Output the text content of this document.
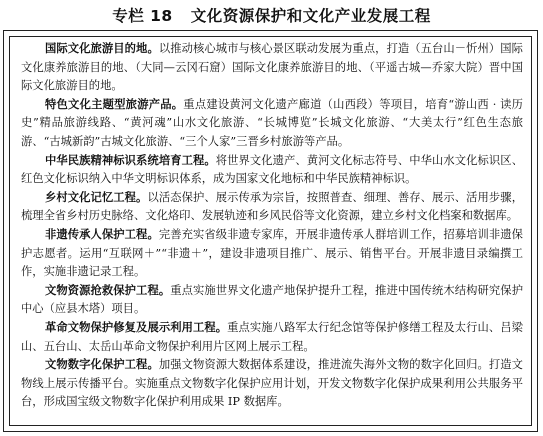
专栏 18 文化资源保护和文化产业发展工程

国际文化旅游目的地。以推动核心城市与核心景区联动发展为重点，打造（五台山－忻州）国际文化康养旅游目的地、（大同—云冈石窟）国际文化康养旅游目的地、（平遥古城—乔家大院）晋中国际文化旅游目的地。

特色文化主题型旅游产品。重点建设黄河文化遗产廊道（山西段）等项目，培育“游山西 · 读历史”精品旅游线路、“黄河魂”山水文化旅游、“长城博览”长城文化旅游、“大美太行”红色生态旅游、“古城新韵”古城文化旅游、“三个人家”三晋乡村旅游等产品。

中华民族精神标识系统培育工程。将世界文化遗产、黄河文化标志符号、中华山水文化标识区、红色文化标识纳入中华文明标识体系，成为国家文化地标和中华民族精神标识。

乡村文化记忆工程。以活态保护、展示传承为宗旨，按照普查、细理、善存、展示、活用步骤，梳理全省乡村历史脉络、文化烙印、发展轨迹和乡风民俗等文化资源，建立乡村文化档案和数据库。

非遗传承人保护工程。完善充实省级非遗专家库，开展非遗传承人群培训工作，招募培训非遗保护志愿者。运用“互联网＋”“非遗＋”，建设非遗项目推广、展示、销售平台。开展非遗目录编撰工作，实施非遗记录工程。

文物资源抢救保护工程。重点实施世界文化遗产地保护提升工程，推进中国传统木结构研究保护中心（应县木塔）项目。

革命文物保护修复及展示利用工程。重点实施八路军太行纪念馆等保护修缮工程及太行山、吕梁山、五台山、太岳山革命文物保护利用片区网上展示工程。

文物数字化保护工程。加强文物资源大数据体系建设，推进流失海外文物的数字化回归。打造文物线上展示传播平台。实施重点文物数字化保护应用计划，开发文物数字化保护成果利用公共服务平台，形成国宝级文物数字化保护利用成果 IP 数据库。
